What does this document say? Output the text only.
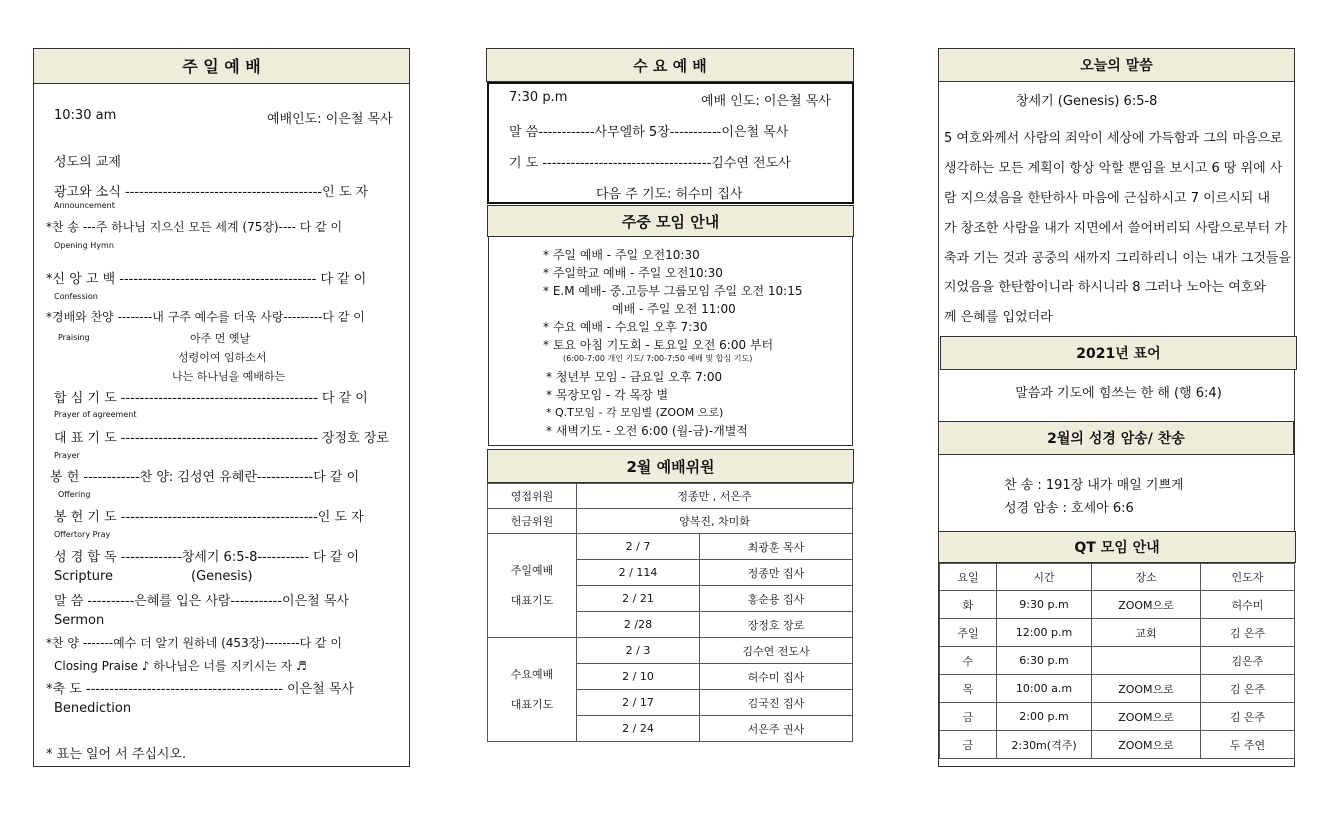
주 일 예 배
10:30 am	예배인도: 이은철 목사
성도의 교제
광고와 소식 ------------------------------------------인 도 자
Announcement
*찬 송 ---주 하나님 지으신 모든 세계 (75장)---- 다 같 이
Opening Hymn
*신 앙 고 백 ------------------------------------------ 다 같 이
Confession
*경배와 찬양 --------내 구주 예수를 더욱 사랑---------다 같 이
Praising	아주 먼 옛날
성령이여 임하소서
나는 하나님을 예배하는
합 심 기 도 ------------------------------------------ 다 같 이
Prayer of agreement
대 표 기 도 ------------------------------------------ 장정호 장로
Prayer
봉 헌 ------------찬 양: 김성연 유혜란------------다 같 이
Offering
봉 헌 기 도 ------------------------------------------인 도 자
Offertory Pray
성 경 합 독 -------------창세기 6:5-8----------- 다 같 이
Scripture	(Genesis)
말 씀 ----------은혜를 입은 사람-----------이은철 목사
Sermon
*찬 양 -------예수 더 알기 원하네 (453장)--------다 같 이
Closing Praise ♪ 하나님은 너를 지키시는 자 ♬
*축 도 ------------------------------------------ 이은철 목사
Benediction
* 표는 일어 서 주십시오.
수 요 예 배
7:30 p.m	예배 인도: 이은철 목사
말 씀------------사무엘하 5장-----------이은철 목사
기 도 ------------------------------------김수연 전도사
다음 주 기도: 허수미 집사
주중 모임 안내
* 주일 예배 - 주일 오전10:30
* 주일학교 예배 - 주일 오전10:30
* E.M 예배- 중.고등부 그룹모임 주일 오전 10:15
예배 - 주일 오전 11:00
* 수요 예배 - 수요일 오후 7:30
* 토요 아침 기도회 - 토요일 오전 6:00 부터
(6:00-7:00 개인 기도/ 7:00-7:50 예배 및 합심 기도)
* 청년부 모임 - 금요일 오후 7:00
* 목장모임 - 각 목장 별
* Q.T모임 - 각 모임별 (ZOOM 으로)
* 새벽기도 - 오전 6:00 (월-금)-개별적
2월 예배위원
영접위원	정종만 , 서은주	
헌금위원	양복진, 차미화	
주일예배
대표기도	2 / 7	최광훈 목사
	2 / 114	정종만 집사
	2 / 21	홍순용 집사
	2 /28	장정호 장로
수요예배
대표기도	2 / 3	김수연 전도사
	2 / 10	허수미 집사
	2 / 17	김국진 집사
	2 / 24	서은주 권사
오늘의 말씀
창세기 (Genesis) 6:5-8
5 여호와께서 사람의 죄악이 세상에 가득함과 그의 마음으로
생각하는 모든 계획이 항상 악할 뿐임을 보시고 6 땅 위에 사
람 지으셨음을 한탄하사 마음에 근심하시고 7 이르시되 내
가 창조한 사람을 내가 지면에서 쓸어버리되 사람으로부터 가
축과 기는 것과 공중의 새까지 그리하리니 이는 내가 그것들을
지었음을 한탄함이니라 하시니라 8 그러나 노아는 여호와
께 은혜를 입었더라
2021년 표어
말씀과 기도에 힘쓰는 한 해 (행 6:4)
2월의 성경 암송/ 찬송
찬 송 : 191장 내가 매일 기쁘게
성경 암송 : 호세아 6:6
QT 모임 안내
요일	시간	장소	인도자
화	9:30 p.m	ZOOM으로	허수미
주일	12:00 p.m	교회	김 은주
수	6:30 p.m		김은주
목	10:00 a.m	ZOOM으로	김 은주
금	2:00 p.m	ZOOM으로	김 은주
금	2:30m(격주)	ZOOM으로	두 주연
